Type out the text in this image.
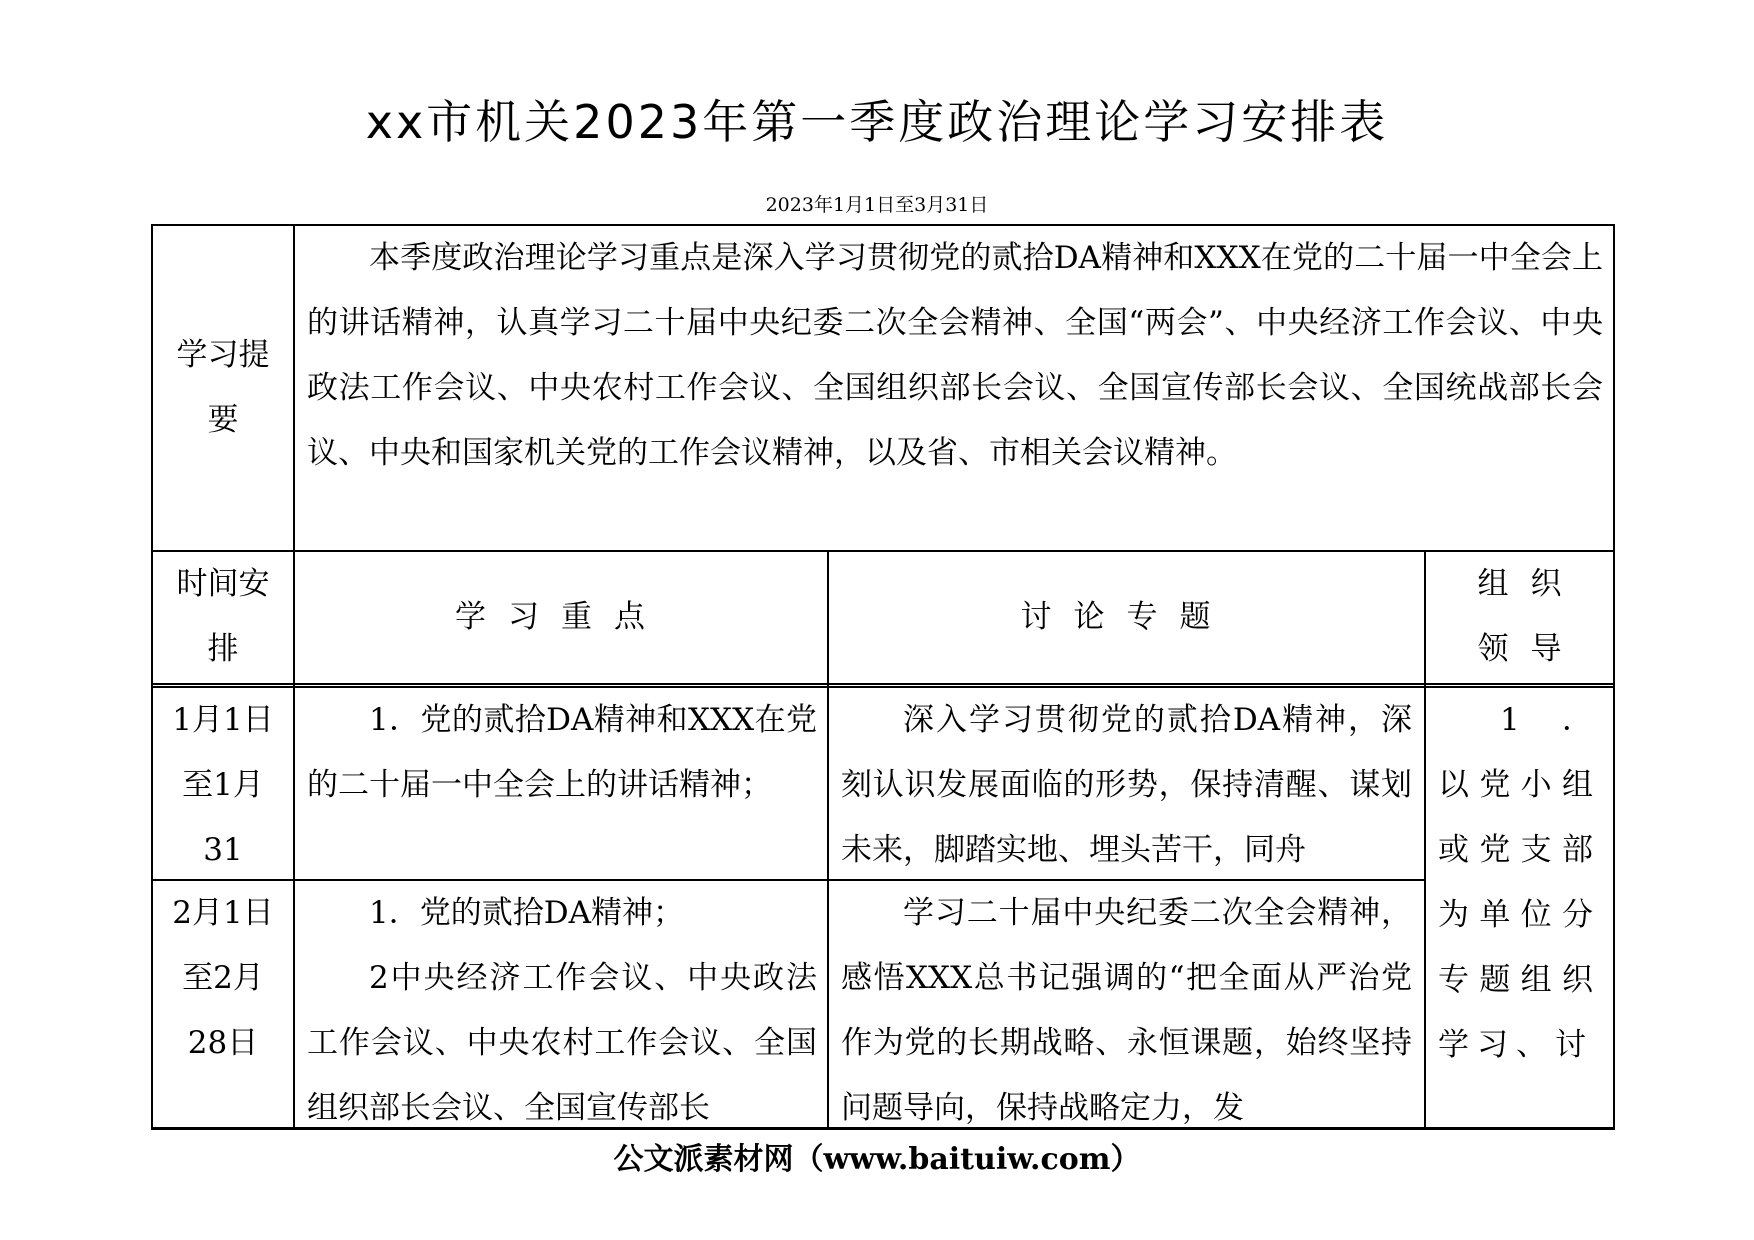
xx市机关2023年第一季度政治理论学习安排表
2023年1月1日至3月31日
学习提要
本季度政治理论学习重点是深入学习贯彻党的贰拾DA精神和XXX在党的二十届一中全会上的讲话精神，认真学习二十届中央纪委二次全会精神、全国“两会”、中央经济工作会议、中央政法工作会议、中央农村工作会议、全国组织部长会议、全国宣传部长会议、全国统战部长会议、中央和国家机关党的工作会议精神，以及省、市相关会议精神。
时间安排
学习重点	讨论专题
组织领导
1月1日至1月31
1．党的贰拾DA精神和XXX在党的二十届一中全会上的讲话精神；
深入学习贯彻党的贰拾DA精神，深刻认识发展面临的形势，保持清醒、谋划未来，脚踏实地、埋头苦干，同舟
2月1日至2月28日
1．党的贰拾DA精神；
2中央经济工作会议、中央政法工作会议、中央农村工作会议、全国组织部长会议、全国宣传部长
学习二十届中央纪委二次全会精神，感悟XXX总书记强调的“把全面从严治党作为党的长期战略、永恒课题，始终坚持问题导向，保持战略定力，发
1．以党小组或党支部为单位分专题组织学习、讨
公文派素材网（www.baituiw.com）
